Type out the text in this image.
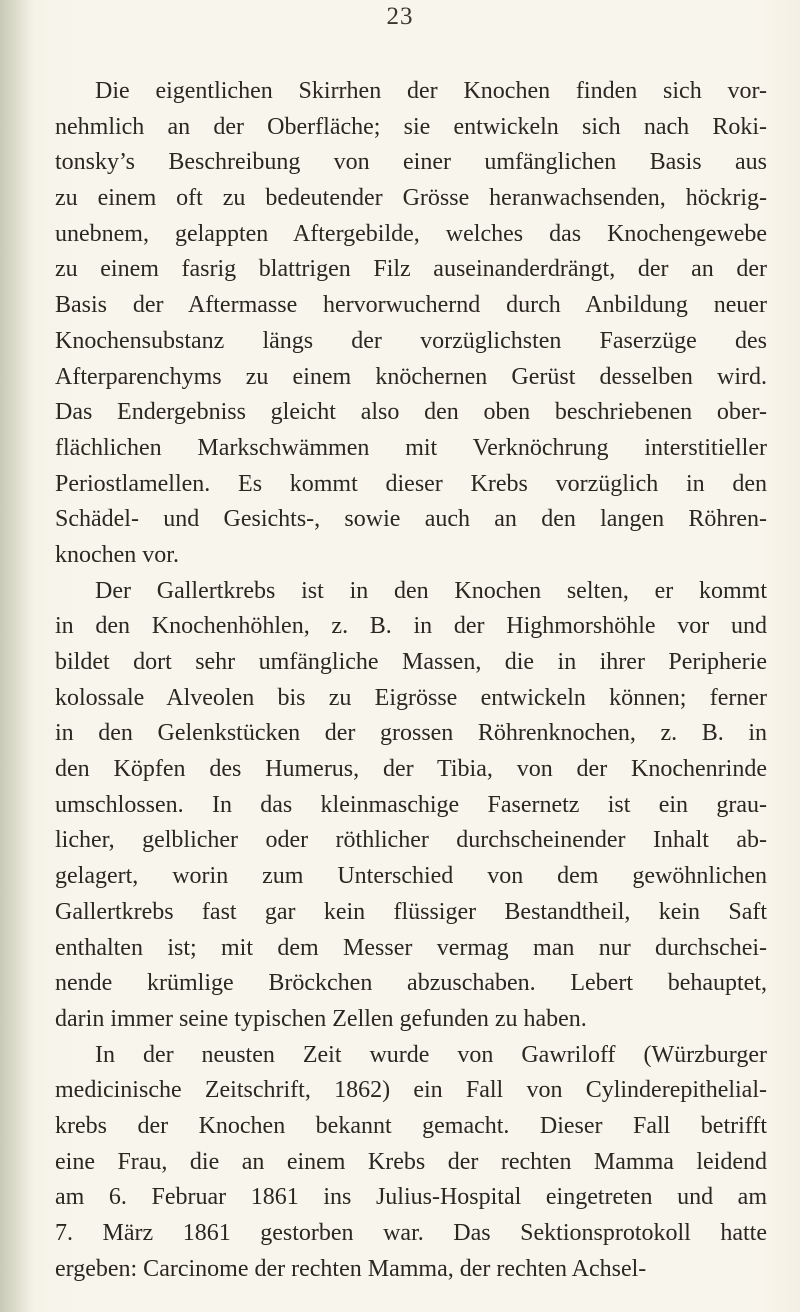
23
Die eigentlichen Skirrhen der Knochen finden sich vor-
nehmlich an der Oberfläche; sie entwickeln sich nach Roki-
tonsky’s Beschreibung von einer umfänglichen Basis aus
zu einem oft zu bedeutender Grösse heranwachsenden, höckrig-
unebnem, gelappten Aftergebilde, welches das Knochengewebe
zu einem fasrig blattrigen Filz auseinanderdrängt, der an der
Basis der Aftermasse hervorwuchernd durch Anbildung neuer
Knochensubstanz längs der vorzüglichsten Faserzüge des
Afterparenchyms zu einem knöchernen Gerüst desselben wird.
Das Endergebniss gleicht also den oben beschriebenen ober-
flächlichen Markschwämmen mit Verknöchrung interstitieller
Periostlamellen. Es kommt dieser Krebs vorzüglich in den
Schädel- und Gesichts-, sowie auch an den langen Röhren-
knochen vor.
Der Gallertkrebs ist in den Knochen selten, er kommt
in den Knochenhöhlen, z. B. in der Highmorshöhle vor und
bildet dort sehr umfängliche Massen, die in ihrer Peripherie
kolossale Alveolen bis zu Eigrösse entwickeln können; ferner
in den Gelenkstücken der grossen Röhrenknochen, z. B. in
den Köpfen des Humerus, der Tibia, von der Knochenrinde
umschlossen. In das kleinmaschige Fasernetz ist ein grau-
licher, gelblicher oder röthlicher durchscheinender Inhalt ab-
gelagert, worin zum Unterschied von dem gewöhnlichen
Gallertkrebs fast gar kein flüssiger Bestandtheil, kein Saft
enthalten ist; mit dem Messer vermag man nur durchschei-
nende krümlige Bröckchen abzuschaben. Lebert behauptet,
darin immer seine typischen Zellen gefunden zu haben.
In der neusten Zeit wurde von Gawriloff (Würzburger
medicinische Zeitschrift, 1862) ein Fall von Cylinderepithelial-
krebs der Knochen bekannt gemacht. Dieser Fall betrifft
eine Frau, die an einem Krebs der rechten Mamma leidend
am 6. Februar 1861 ins Julius-Hospital eingetreten und am
7. März 1861 gestorben war. Das Sektionsprotokoll hatte
ergeben: Carcinome der rechten Mamma, der rechten Achsel-
